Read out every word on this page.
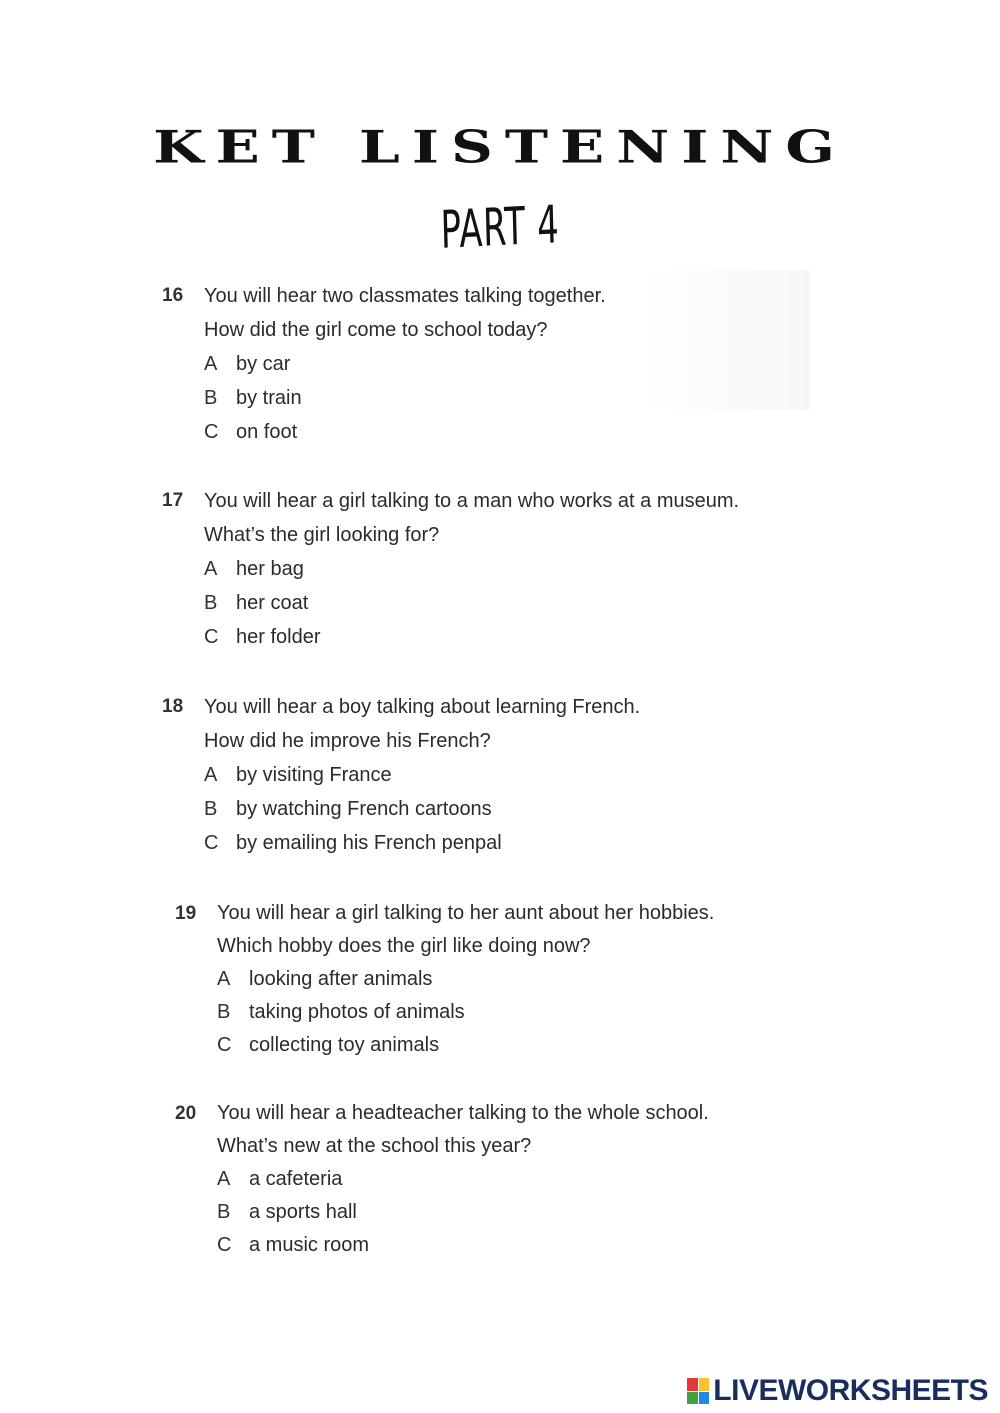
KET LISTENING
PART 4
16	You will hear two classmates talking together.
How did the girl come to school today?
A by car
B by train
C on foot
17	You will hear a girl talking to a man who works at a museum.
What’s the girl looking for?
A her bag
B her coat
C her folder
18	You will hear a boy talking about learning French.
How did he improve his French?
A by visiting France
B by watching French cartoons
C by emailing his French penpal
19	You will hear a girl talking to her aunt about her hobbies.
Which hobby does the girl like doing now?
A looking after animals
B taking photos of animals
C collecting toy animals
20	You will hear a headteacher talking to the whole school.
What’s new at the school this year?
A a cafeteria
B a sports hall
C a music room
LIVEWORKSHEETS
